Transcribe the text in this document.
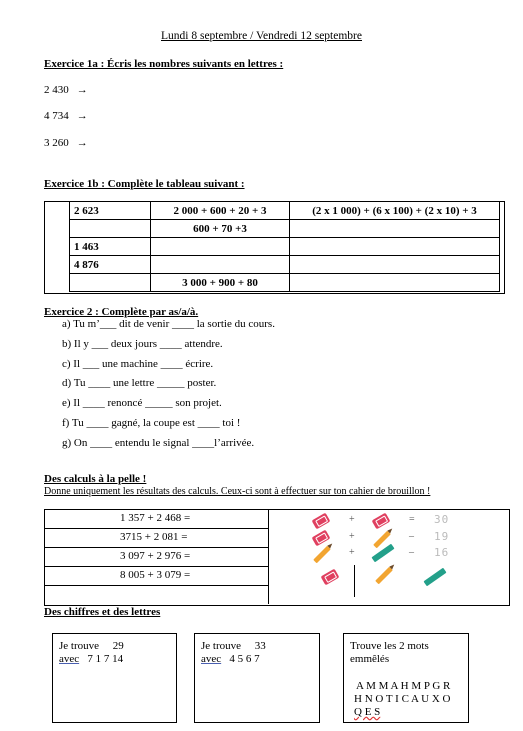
Lundi 8 septembre / Vendredi 12 septembre
Exercice 1a : Écris les nombres suivants en lettres :
2 430 →
4 734 →
3 260 →
Exercice 1b : Complète le tableau suivant :
2 623	2 000 + 600 + 20 + 3	(2 x 1 000) + (6 x 100) + (2 x 10) + 3
	600 + 70 +3	
1 463		
4 876		
	3 000 + 900 + 80	
Exercice 2 : Complète par as/a/à.
a) Tu m’___ dit de venir ____ la sortie du cours.
b) Il y ___ deux jours ____ attendre.
c) Il ___ une machine ____ écrire.
d) Tu ____ une lettre _____ poster.
e) Il ____ renoncé _____ son projet.
f) Tu ____ gagné, la coupe est ____ toi !
g) On ____ entendu le signal ____l’arrivée.
Des calculs à la pelle !
Donne uniquement les résultats des calculs. Ceux-ci sont à effectuer sur ton cahier de brouillon !
1 357 + 2 468 =
3715 + 2 081 =
3 097 + 2 976 =
8 005 + 3 079 =
+	= 30
+	– 19
+	– 16
Des chiffres et des lettres
Je trouve 29
avec 7 1 7 14
Je trouve 33
avec 4 5 6 7
Trouve les 2 mots
emmêlés
A M M A H M P G R
H N O T I C A U X O
Q E S
